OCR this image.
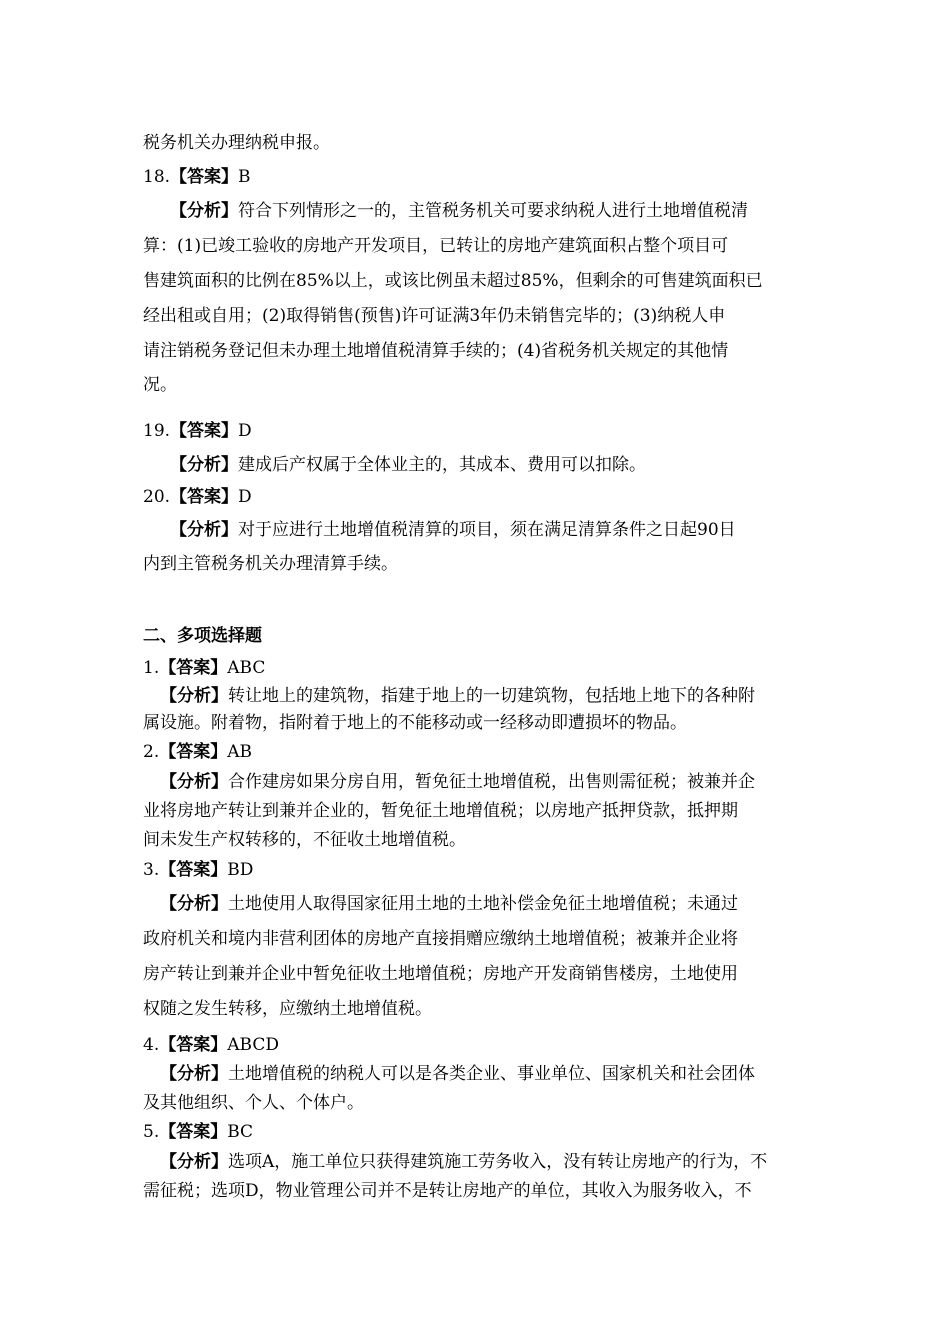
税务机关办理纳税申报。
18.【答案】B
【分析】符合下列情形之一的，主管税务机关可要求纳税人进行土地增值税清
算：(1)已竣工验收的房地产开发项目，已转让的房地产建筑面积占整个项目可
售建筑面积的比例在85%以上，或该比例虽未超过85%，但剩余的可售建筑面积已
经出租或自用；(2)取得销售(预售)许可证满3年仍未销售完毕的；(3)纳税人申
请注销税务登记但未办理土地增值税清算手续的；(4)省税务机关规定的其他情
况。
19.【答案】D
【分析】建成后产权属于全体业主的，其成本、费用可以扣除。
20.【答案】D
【分析】对于应进行土地增值税清算的项目，须在满足清算条件之日起90日
内到主管税务机关办理清算手续。
二、多项选择题
1.【答案】ABC
【分析】转让地上的建筑物，指建于地上的一切建筑物，包括地上地下的各种附
属设施。附着物，指附着于地上的不能移动或一经移动即遭损坏的物品。
2.【答案】AB
【分析】合作建房如果分房自用，暂免征土地增值税，出售则需征税；被兼并企
业将房地产转让到兼并企业的，暂免征土地增值税；以房地产抵押贷款，抵押期
间未发生产权转移的，不征收土地增值税。
3.【答案】BD
【分析】土地使用人取得国家征用土地的土地补偿金免征土地增值税；未通过
政府机关和境内非营利团体的房地产直接捐赠应缴纳土地增值税；被兼并企业将
房产转让到兼并企业中暂免征收土地增值税；房地产开发商销售楼房，土地使用
权随之发生转移，应缴纳土地增值税。
4.【答案】ABCD
【分析】土地增值税的纳税人可以是各类企业、事业单位、国家机关和社会团体
及其他组织、个人、个体户。
5.【答案】BC
【分析】选项A，施工单位只获得建筑施工劳务收入，没有转让房地产的行为，不
需征税；选项D，物业管理公司并不是转让房地产的单位，其收入为服务收入，不
